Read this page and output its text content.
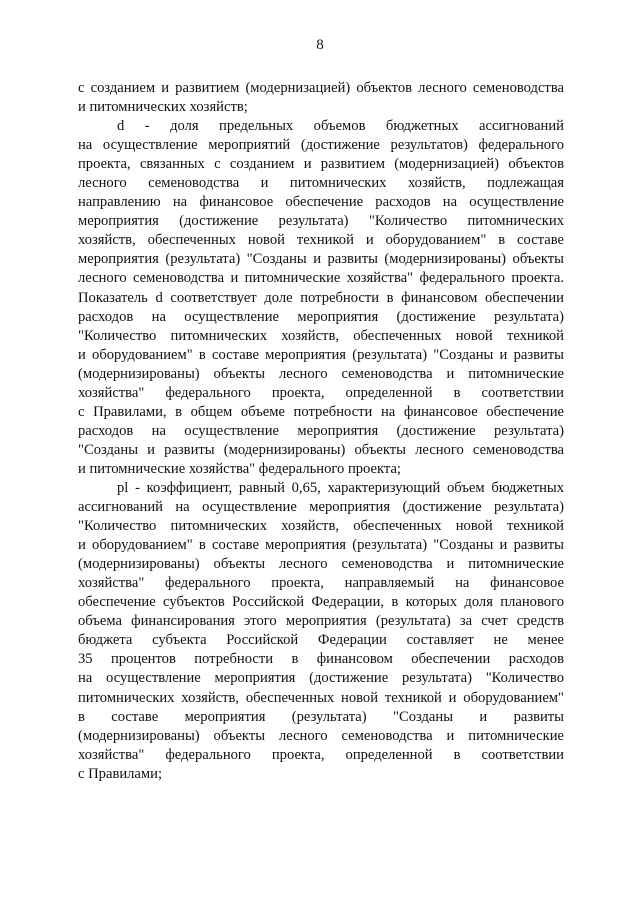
8
с созданием и развитием (модернизацией) объектов лесного семеноводства
и питомнических хозяйств;
d - доля предельных объемов бюджетных ассигнований
на осуществление мероприятий (достижение результатов) федерального
проекта, связанных с созданием и развитием (модернизацией) объектов
лесного семеноводства и питомнических хозяйств, подлежащая
направлению на финансовое обеспечение расходов на осуществление
мероприятия (достижение результата) "Количество питомнических
хозяйств, обеспеченных новой техникой и оборудованием" в составе
мероприятия (результата) "Созданы и развиты (модернизированы) объекты
лесного семеноводства и питомнические хозяйства" федерального проекта.
Показатель d соответствует доле потребности в финансовом обеспечении
расходов на осуществление мероприятия (достижение результата)
"Количество питомнических хозяйств, обеспеченных новой техникой
и оборудованием" в составе мероприятия (результата) "Созданы и развиты
(модернизированы) объекты лесного семеноводства и питомнические
хозяйства" федерального проекта, определенной в соответствии
с Правилами, в общем объеме потребности на финансовое обеспечение
расходов на осуществление мероприятия (достижение результата)
"Созданы и развиты (модернизированы) объекты лесного семеноводства
и питомнические хозяйства" федерального проекта;
pl - коэффициент, равный 0,65, характеризующий объем бюджетных
ассигнований на осуществление мероприятия (достижение результата)
"Количество питомнических хозяйств, обеспеченных новой техникой
и оборудованием" в составе мероприятия (результата) "Созданы и развиты
(модернизированы) объекты лесного семеноводства и питомнические
хозяйства" федерального проекта, направляемый на финансовое
обеспечение субъектов Российской Федерации, в которых доля планового
объема финансирования этого мероприятия (результата) за счет средств
бюджета субъекта Российской Федерации составляет не менее
35 процентов потребности в финансовом обеспечении расходов
на осуществление мероприятия (достижение результата) "Количество
питомнических хозяйств, обеспеченных новой техникой и оборудованием"
в составе мероприятия (результата) "Созданы и развиты
(модернизированы) объекты лесного семеноводства и питомнические
хозяйства" федерального проекта, определенной в соответствии
с Правилами;
